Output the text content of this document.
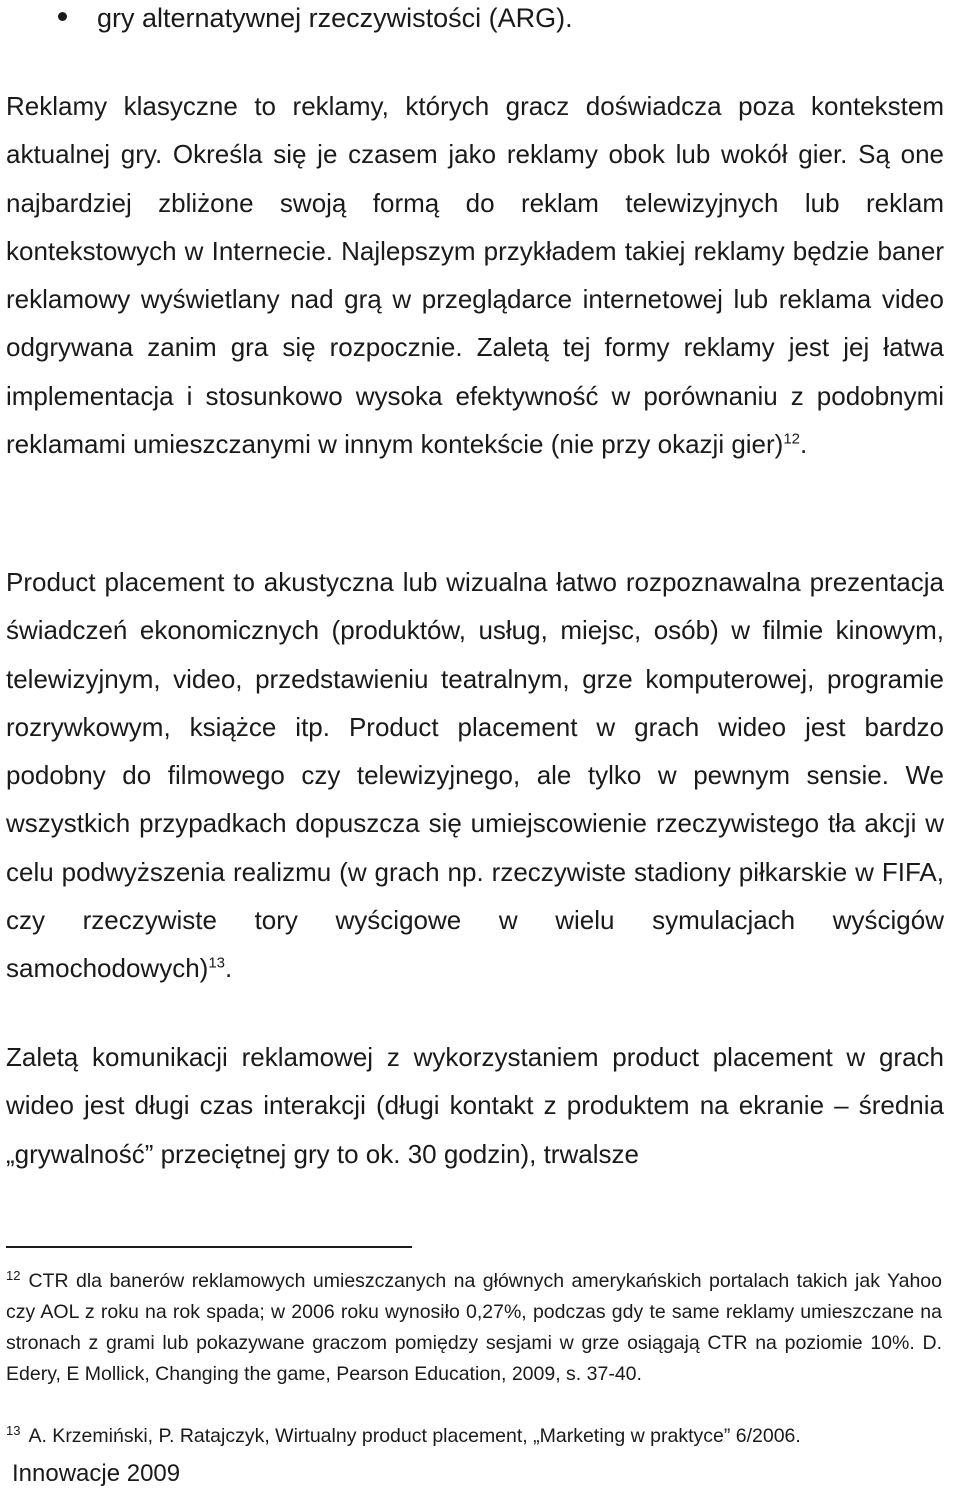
gry alternatywnej rzeczywistości (ARG).

Reklamy klasyczne to reklamy, których gracz doświadcza poza kontekstem aktualnej gry. Określa się je czasem jako reklamy obok lub wokół gier. Są one najbardziej zbliżone swoją formą do reklam telewizyjnych lub reklam kontekstowych w Internecie. Najlepszym przykładem takiej reklamy będzie baner reklamowy wyświetlany nad grą w przeglądarce internetowej lub reklama video odgrywana zanim gra się rozpocznie. Zaletą tej formy reklamy jest jej łatwa implementacja i stosunkowo wysoka efektywność w porównaniu z podobnymi reklamami umieszczanymi w innym kontekście (nie przy okazji gier)$^{12}$.

Product placement to akustyczna lub wizualna łatwo rozpoznawalna prezentacja świadczeń ekonomicznych (produktów, usług, miejsc, osób) w filmie kinowym, telewizyjnym, video, przedstawieniu teatralnym, grze komputerowej, programie rozrywkowym, książce itp. Product placement w grach wideo jest bardzo podobny do filmowego czy telewizyjnego, ale tylko w pewnym sensie. We wszystkich przypadkach dopuszcza się umiejscowienie rzeczywistego tła akcji w celu podwyższenia realizmu (w grach np. rzeczywiste stadiony piłkarskie w FIFA, czy rzeczywiste tory wyścigowe w wielu symulacjach wyścigów samochodowych)$^{13}$.

Zaletą komunikacji reklamowej z wykorzystaniem product placement w grach wideo jest długi czas interakcji (długi kontakt z produktem na ekranie – średnia „grywalność” przeciętnej gry to ok. 30 godzin), trwalsze

$^{12}$ CTR dla banerów reklamowych umieszczanych na głównych amerykańskich portalach takich jak Yahoo czy AOL z roku na rok spada; w 2006 roku wynosiło 0,27%, podczas gdy te same reklamy umieszczane na stronach z grami lub pokazywane graczom pomiędzy sesjami w grze osiągają CTR na poziomie 10%. D. Edery, E Mollick, Changing the game, Pearson Education, 2009, s. 37-40.

$^{13}$ A. Krzemiński, P. Ratajczyk, Wirtualny product placement, „Marketing w praktyce” 6/2006.

Innowacje 2009
